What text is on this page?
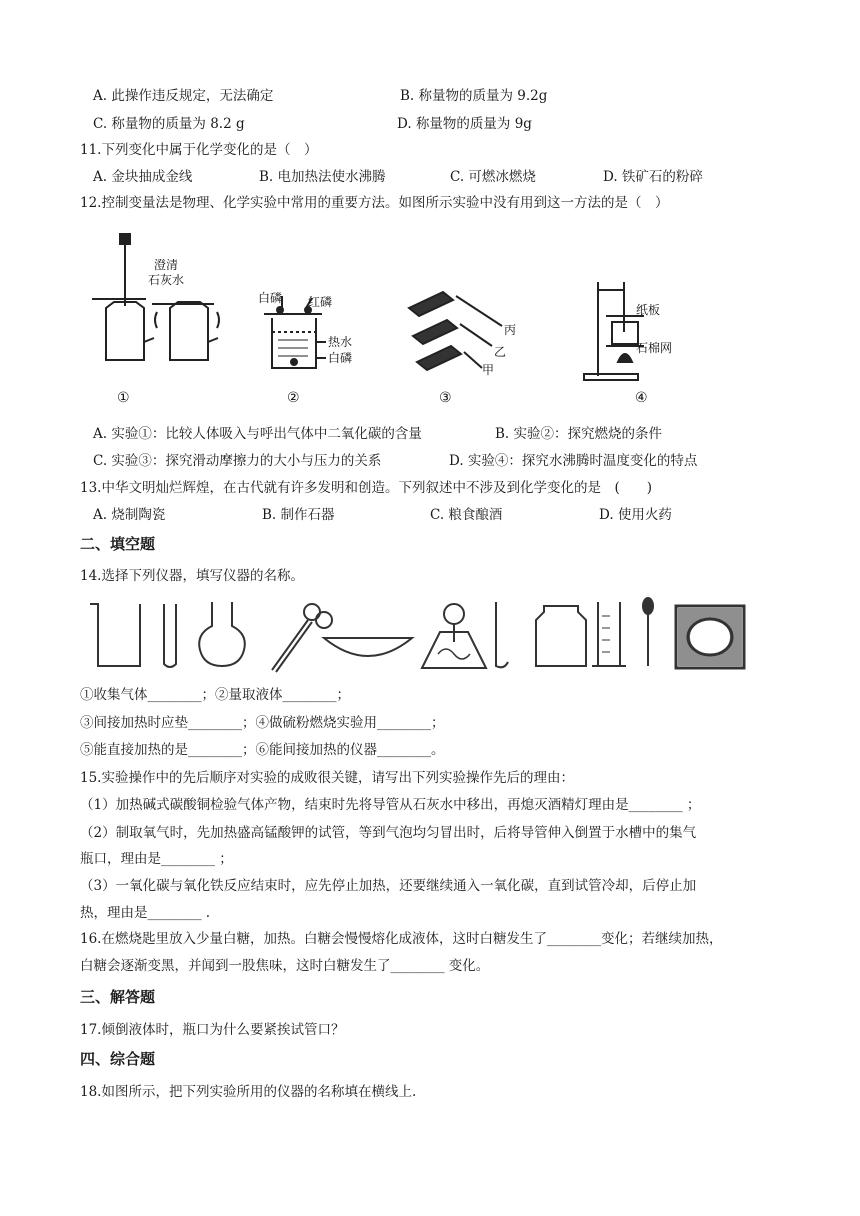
A. 此操作违反规定，无法确定	B. 称量物的质量为 9.2g
C. 称量物的质量为 8.2 g	D. 称量物的质量为 9g
11.下列变化中属于化学变化的是（　）
A. 金块抽成金线	B. 电加热法使水沸腾	C. 可燃冰燃烧	D. 铁矿石的粉碎
12.控制变量法是物理、化学实验中常用的重要方法。如图所示实验中没有用到这一方法的是（　）
澄清
石灰水
白磷 红磷
热水
白磷
丙
乙
甲
纸板
石棉网
①	②	③	④
A. 实验①：比较人体吸入与呼出气体中二氧化碳的含量	B. 实验②：探究燃烧的条件
C. 实验③：探究滑动摩擦力的大小与压力的关系	D. 实验④：探究水沸腾时温度变化的特点
13.中华文明灿烂辉煌，在古代就有许多发明和创造。下列叙述中不涉及到化学变化的是　(　　)
A. 烧制陶瓷	B. 制作石器	C. 粮食酿酒	D. 使用火药
二、填空题
14.选择下列仪器，填写仪器的名称。
①收集气体________；②量取液体________；
③间接加热时应垫________；④做硫粉燃烧实验用________；
⑤能直接加热的是________；⑥能间接加热的仪器________。
15.实验操作中的先后顺序对实验的成败很关键，请写出下列实验操作先后的理由：
（1）加热碱式碳酸铜检验气体产物，结束时先将导管从石灰水中移出，再熄灭酒精灯理由是________ ；
（2）制取氧气时，先加热盛高锰酸钾的试管，等到气泡均匀冒出时，后将导管伸入倒置于水槽中的集气
瓶口，理由是________ ；
（3）一氧化碳与氧化铁反应结束时，应先停止加热，还要继续通入一氧化碳，直到试管冷却，后停止加
热，理由是________ .
16.在燃烧匙里放入少量白糖，加热。白糖会慢慢熔化成液体，这时白糖发生了________变化；若继续加热，
白糖会逐渐变黑，并闻到一股焦味，这时白糖发生了________ 变化。
三、解答题
17.倾倒液体时，瓶口为什么要紧挨试管口？
四、综合题
18.如图所示，把下列实验所用的仪器的名称填在横线上.
